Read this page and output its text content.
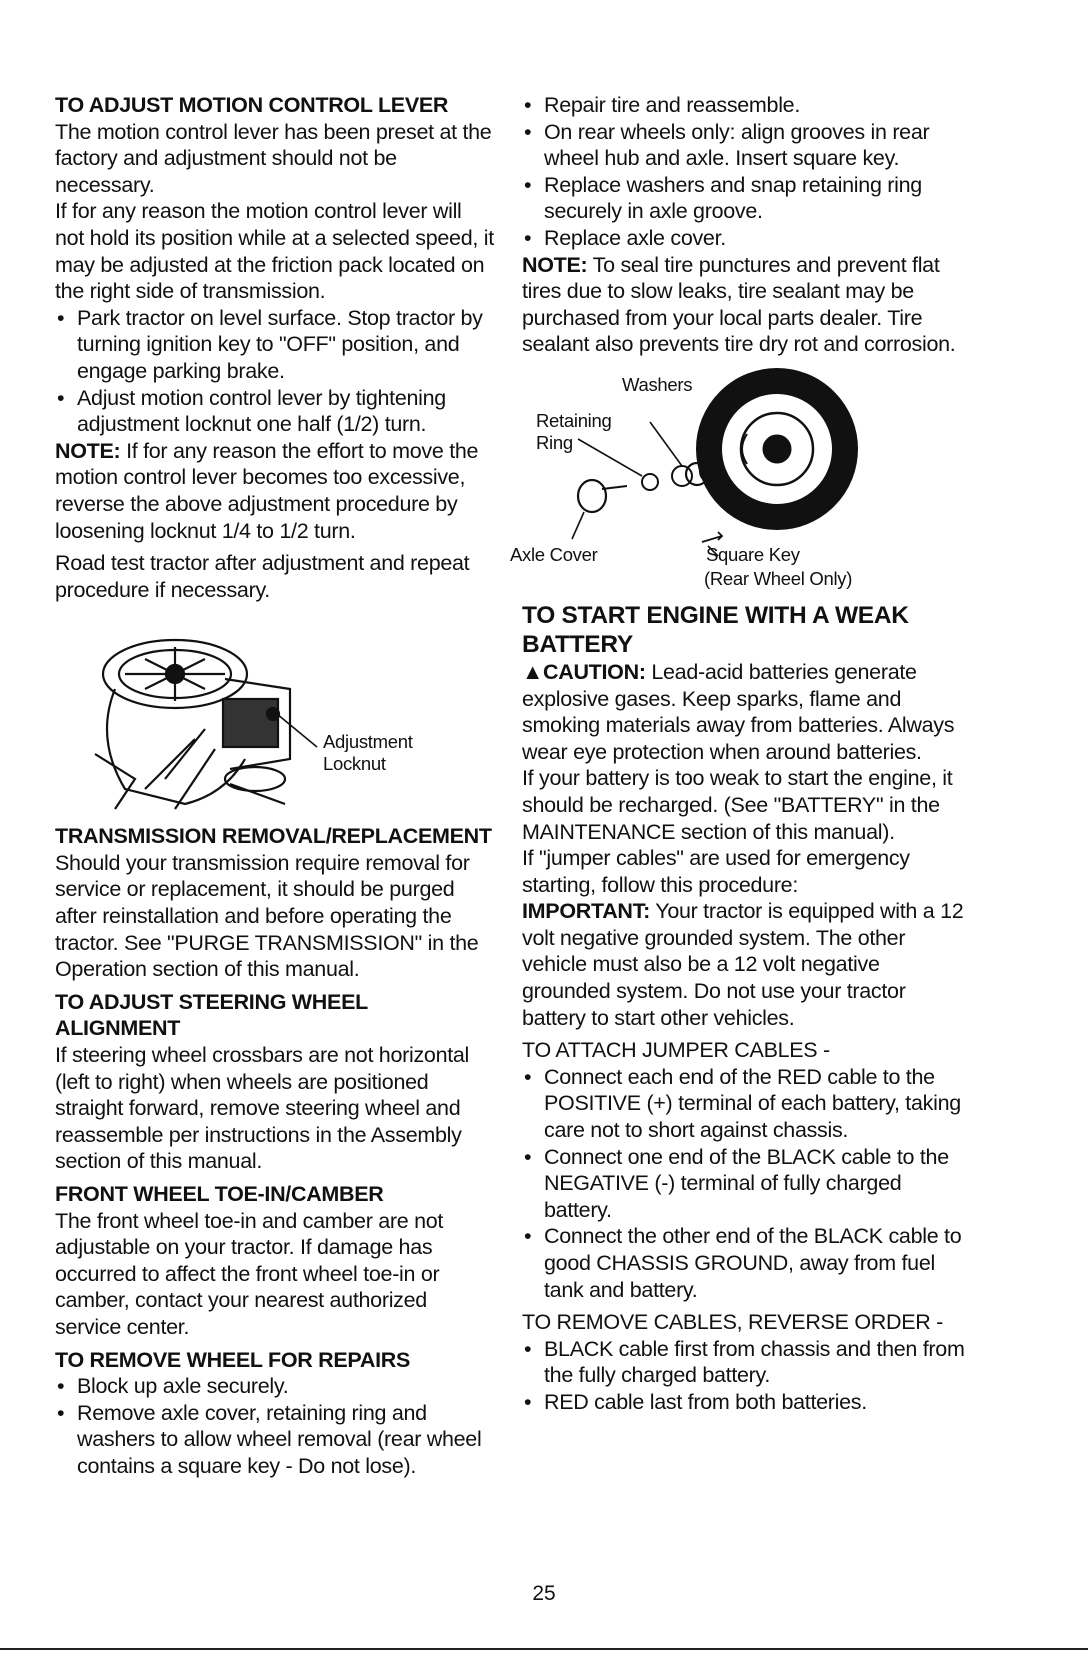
TO ADJUST MOTION CONTROL LEVER

The motion control lever has been preset at the factory and adjustment should not be necessary.

If for any reason the motion control lever will not hold its position while at a selected speed, it may be adjusted at the friction pack located on the right side of transmission.

• Park tractor on level surface. Stop tractor by turning ignition key to "OFF" position, and engage parking brake.
• Adjust motion control lever by tightening adjustment locknut one half (1/2) turn.

NOTE: If for any reason the effort to move the motion control lever becomes too excessive, reverse the above adjustment procedure by loosening locknut 1/4 to 1/2 turn.

Road test tractor after adjustment and repeat procedure if necessary.

Adjustment
Locknut

TRANSMISSION REMOVAL/REPLACEMENT

Should your transmission require removal for service or replacement, it should be purged after reinstallation and before operating the tractor. See "PURGE TRANSMISSION" in the Operation section of this manual.

TO ADJUST STEERING WHEEL ALIGNMENT

If steering wheel crossbars are not horizontal (left to right) when wheels are positioned straight forward, remove steering wheel and reassemble per instructions in the Assembly section of this manual.

FRONT WHEEL TOE-IN/CAMBER

The front wheel toe-in and camber are not adjustable on your tractor. If damage has occurred to affect the front wheel toe-in or camber, contact your nearest authorized service center.

TO REMOVE WHEEL FOR REPAIRS

• Block up axle securely.
• Remove axle cover, retaining ring and washers to allow wheel removal (rear wheel contains a square key - Do not lose).
• Repair tire and reassemble.
• On rear wheels only: align grooves in rear wheel hub and axle. Insert square key.
• Replace washers and snap retaining ring securely in axle groove.
• Replace axle cover.

NOTE: To seal tire punctures and prevent flat tires due to slow leaks, tire sealant may be purchased from your local parts dealer. Tire sealant also prevents tire dry rot and corrosion.

Washers
Retaining
Ring
Axle Cover	Square Key
(Rear Wheel Only)

TO START ENGINE WITH A WEAK BATTERY

▲CAUTION: Lead-acid batteries generate explosive gases. Keep sparks, flame and smoking materials away from batteries. Always wear eye protection when around batteries.

If your battery is too weak to start the engine, it should be recharged. (See "BATTERY" in the MAINTENANCE section of this manual).

If "jumper cables" are used for emergency starting, follow this procedure:

IMPORTANT: Your tractor is equipped with a 12 volt negative grounded system. The other vehicle must also be a 12 volt negative grounded system. Do not use your tractor battery to start other vehicles.

TO ATTACH JUMPER CABLES -

• Connect each end of the RED cable to the POSITIVE (+) terminal of each battery, taking care not to short against chassis.
• Connect one end of the BLACK cable to the NEGATIVE (-) terminal of fully charged battery.
• Connect the other end of the BLACK cable to good CHASSIS GROUND, away from fuel tank and battery.

TO REMOVE CABLES, REVERSE ORDER -

• BLACK cable first from chassis and then from the fully charged battery.
• RED cable last from both batteries.
25
